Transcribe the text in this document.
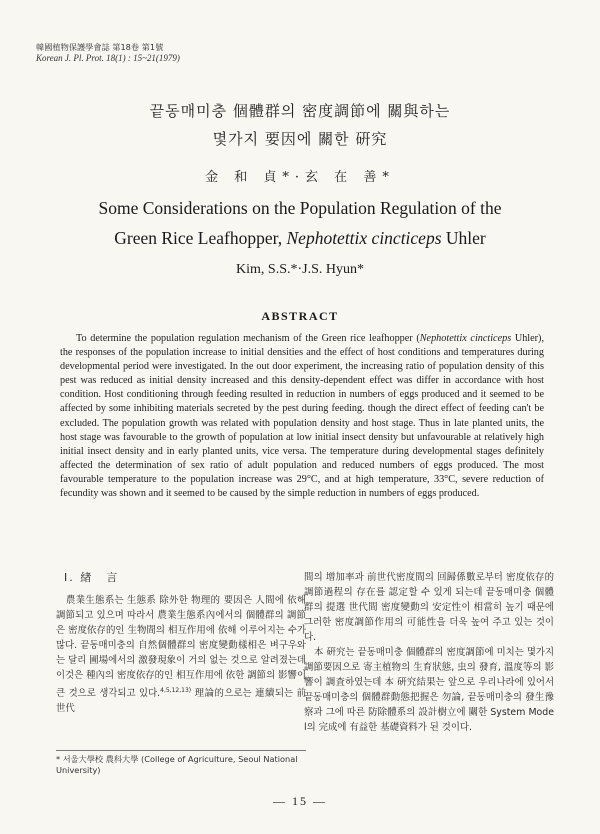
韓國植物保護學會誌 第18卷 第1號
Korean J. Pl. Prot. 18(1) : 15~21(1979)
끝동매미충 個體群의 密度調節에 關與하는
몇가지 要因에 關한 硏究
金 和 貞*·玄 在 善*
Some Considerations on the Population Regulation of the
Green Rice Leafhopper, Nephotettix cincticeps Uhler
Kim, S.S.*·J.S. Hyun*
ABSTRACT
To determine the population regulation mechanism of the Green rice leafhopper (Nephotettix cincticeps Uhler), the responses of the population increase to initial densities and the effect of host conditions and temperatures during developmental period were investigated. In the out door experiment, the increasing ratio of population density of this pest was reduced as initial density increased and this density-dependent effect was differ in accordance with host condition. Host conditioning through feeding resulted in reduction in numbers of eggs produced and it seemed to be affected by some inhibiting materials secreted by the pest during feeding. though the direct effect of feeding can't be excluded. The population growth was related with population density and host stage. Thus in late planted units, the host stage was favourable to the growth of population at low initial insect density but unfavourable at relatively high initial insect density and in early planted units, vice versa. The temperature during developmental stages definitely affected the determination of sex ratio of adult population and reduced numbers of eggs produced. The most favourable temperature to the population increase was 29°C, and at high temperature, 33°C, severe reduction of fecundity was shown and it seemed to be caused by the simple reduction in numbers of eggs produced.
I. 緖　言

農業生態系는 生態系 除外한 物理的 要因은 人間에 依해 調節되고 있으며 따라서 農業生態系內에서의 個體群의 調節은 密度依存的인 生物間의 相互作用에 依해 이루어지는 수가 많다. 끝동매미충의 自然個體群의 密度變動樣相은 벼구우와는 달리 圃場에서의 激發現象이 거의 없는 것으로 알려졌는데 이것은 種內의 密度依存的인 相互作用에 依한 調節의 影響이 큰 것으로 생각되고 있다.$^{4,5,12,13)}$ 理論的으로는 連續되는 前世代

間의 增加率과 前世代密度間의 回歸係數로부터 密度依存的 調節過程의 存在를 認定할 수 있게 되는데 끝동매미충 個體群의 提選 世代間 密度變動의 安定性이 相當히 높기 때문에 그러한 密度調節作用의 可能性을 더욱 높여 주고 있는 것이다.

本 硏究는 끝동매미충 個體群의 密度調節에 미치는 몇가지 調節要因으로 寄主植物의 生育狀態, 虫의 發育, 溫度等의 影響이 調査하였는데 本 硏究結果는 앞으로 우리나라에 있어서 끝동매미충의 個體群動態把握은 勿論, 끝동매미충의 發生豫察과 그에 따른 防除體系의 設計樹立에 關한 System Model의 完成에 有益한 基礎資料가 된 것이다.

* 서울大學校 農科大學 (College of Agriculture, Seoul National University)
— 15 —
